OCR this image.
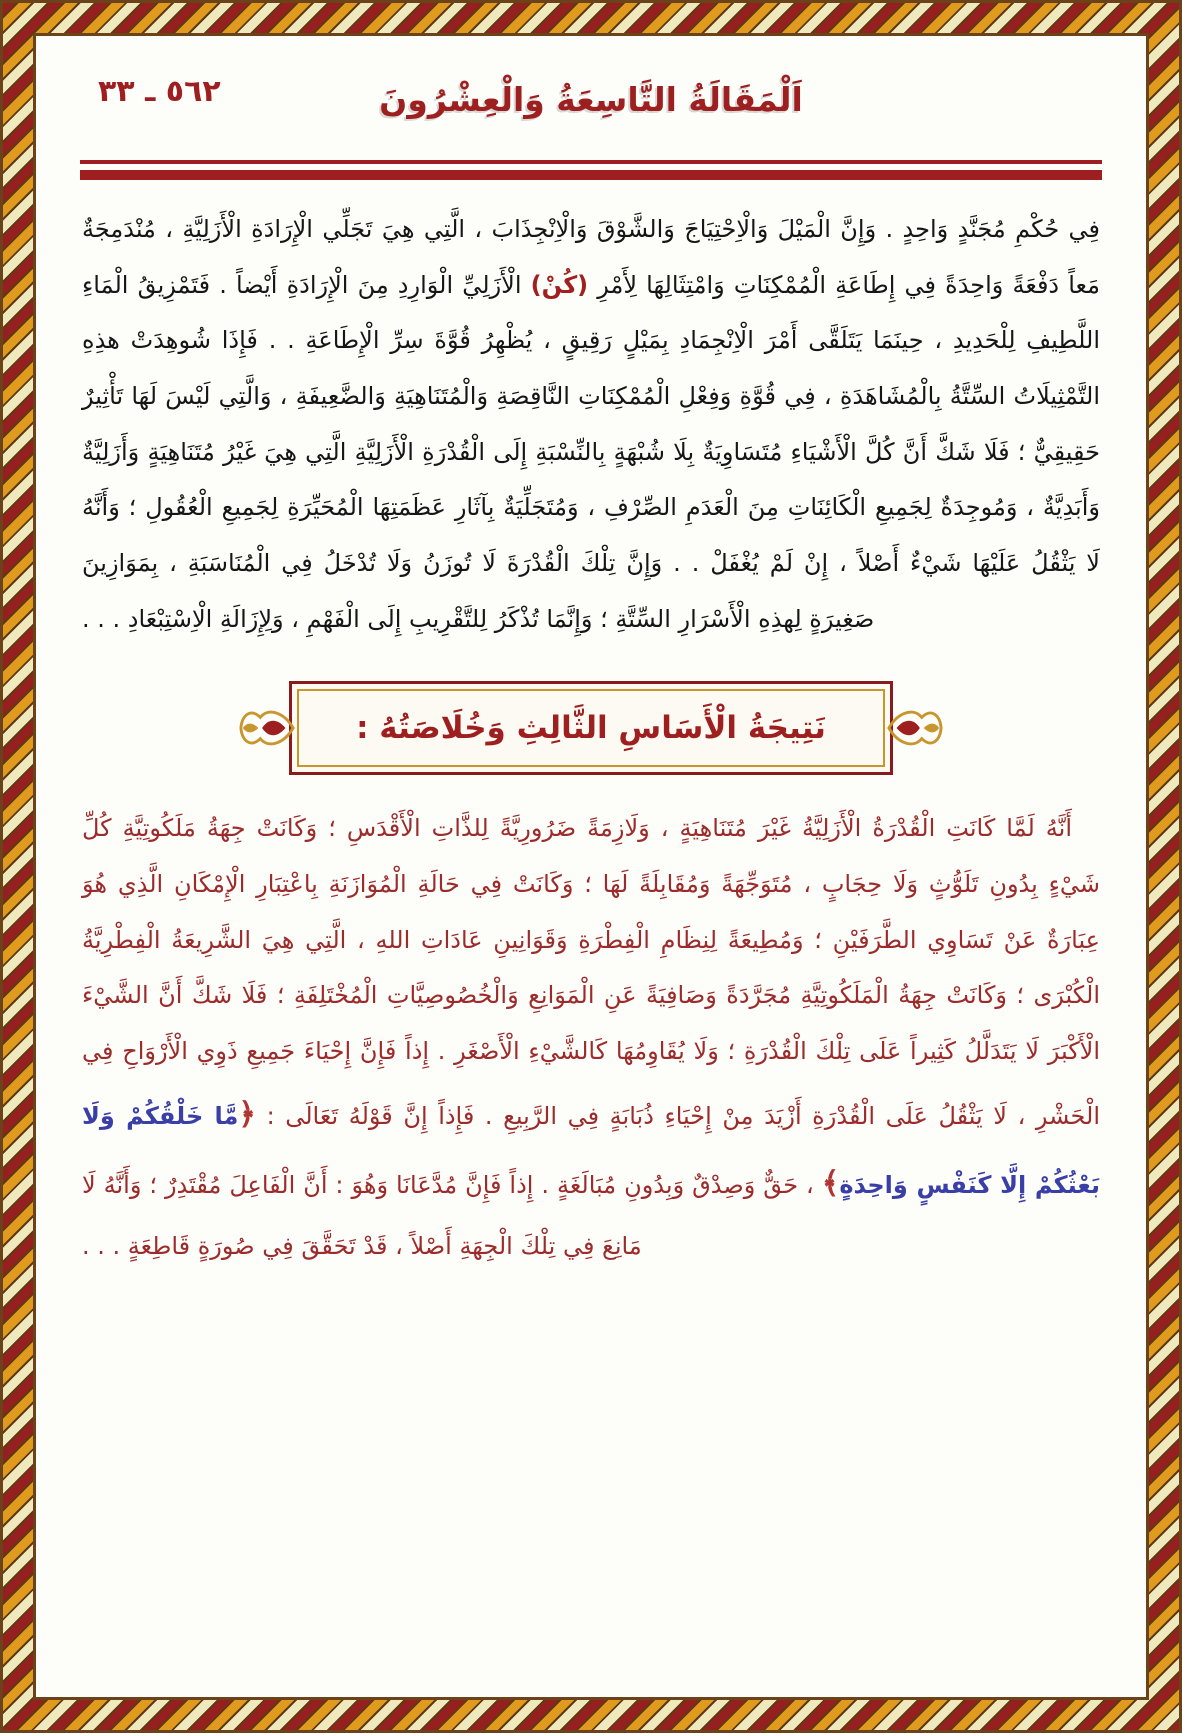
٥٦٢ ـ ٣٣	اَلْمَقَالَةُ التَّاسِعَةُ وَالْعِشْرُونَ

فِي حُكْمِ مُجَنَّدٍ وَاحِدٍ . وَإِنَّ الْمَيْلَ وَالْاِحْتِيَاجَ وَالشَّوْقَ وَالْاِنْجِذَابَ ، الَّتِي هِيَ تَجَلِّي الْإِرَادَةِ الْأَزَلِيَّةِ ، مُنْدَمِجَةٌ مَعاً دَفْعَةً وَاحِدَةً فِي إِطَاعَةِ الْمُمْكِنَاتِ وَامْتِثَالِهَا لِأَمْرِ (كُنْ) الْأَزَلِيِّ الْوَارِدِ مِنَ الْإِرَادَةِ أَيْضاً . فَتَمْزِيقُ الْمَاءِ اللَّطِيفِ لِلْحَدِيدِ ، حِينَمَا يَتَلَقَّى أَمْرَ الْاِنْجِمَادِ بِمَيْلٍ رَقِيقٍ ، يُظْهِرُ قُوَّةَ سِرِّ الْإِطَاعَةِ . . فَإِذَا شُوهِدَتْ هذِهِ التَّمْثِيلَاتُ السِّتَّةُ بِالْمُشَاهَدَةِ ، فِي قُوَّةِ وَفِعْلِ الْمُمْكِنَاتِ النَّاقِصَةِ وَالْمُتَنَاهِيَةِ وَالضَّعِيفَةِ ، وَالَّتِي لَيْسَ لَهَا تَأْثِيرٌ حَقِيقِيٌّ ؛ فَلَا شَكَّ أَنَّ كُلَّ الْأَشْيَاءِ مُتَسَاوِيَةٌ بِلَا شُبْهَةٍ بِالنِّسْبَةِ إِلَى الْقُدْرَةِ الْأَزَلِيَّةِ الَّتِي هِيَ غَيْرُ مُتَنَاهِيَةٍ وَأَزَلِيَّةٌ وَأَبَدِيَّةٌ ، وَمُوجِدَةٌ لِجَمِيعِ الْكَائِنَاتِ مِنَ الْعَدَمِ الصِّرْفِ ، وَمُتَجَلِّيَةٌ بِآثَارِ عَظَمَتِهَا الْمُحَيِّرَةِ لِجَمِيعِ الْعُقُولِ ؛ وَأَنَّهُ لَا يَثْقُلُ عَلَيْهَا شَيْءٌ أَصْلاً ، إِنْ لَمْ يُغْفَلْ . . وَإِنَّ تِلْكَ الْقُدْرَةَ لَا تُوزَنُ وَلَا تُدْخَلُ فِي الْمُنَاسَبَةِ ، بِمَوَازِينَ صَغِيرَةٍ لِهذِهِ الْأَسْرَارِ السِّتَّةِ ؛ وَإِنَّمَا تُذْكَرُ لِلتَّقْرِيبِ إِلَى الْفَهْمِ ، وَلِإِزَالَةِ الْاِسْتِبْعَادِ . . .

نَتِيجَةُ الْأَسَاسِ الثَّالِثِ وَخُلَاصَتُهُ :

أَنَّهُ لَمَّا كَانَتِ الْقُدْرَةُ الْأَزَلِيَّةُ غَيْرَ مُتَنَاهِيَةٍ ، وَلَازِمَةً ضَرُورِيَّةً لِلذَّاتِ الْأَقْدَسِ ؛ وَكَانَتْ جِهَةُ مَلَكُوتِيَّةِ كُلِّ شَيْءٍ بِدُونِ تَلَوُّثٍ وَلَا حِجَابٍ ، مُتَوَجِّهَةً وَمُقَابِلَةً لَهَا ؛ وَكَانَتْ فِي حَالَةِ الْمُوَازَنَةِ بِاعْتِبَارِ الْإِمْكَانِ الَّذِي هُوَ عِبَارَةٌ عَنْ تَسَاوِي الطَّرَفَيْنِ ؛ وَمُطِيعَةً لِنِظَامِ الْفِطْرَةِ وَقَوَانِينِ عَادَاتِ اللهِ ، الَّتِي هِيَ الشَّرِيعَةُ الْفِطْرِيَّةُ الْكُبْرَى ؛ وَكَانَتْ جِهَةُ الْمَلَكُوتِيَّةِ مُجَرَّدَةً وَصَافِيَةً عَنِ الْمَوَانِعِ وَالْخُصُوصِيَّاتِ الْمُخْتَلِفَةِ ؛ فَلَا شَكَّ أَنَّ الشَّيْءَ الْأَكْبَرَ لَا يَتَدَلَّلُ كَثِيراً عَلَى تِلْكَ الْقُدْرَةِ ؛ وَلَا يُقَاوِمُهَا كَالشَّيْءِ الْأَصْغَرِ . إِذاً فَإِنَّ إِحْيَاءَ جَمِيعِ ذَوِي الْأَرْوَاحِ فِي الْحَشْرِ ، لَا يَثْقُلُ عَلَى الْقُدْرَةِ أَزْيَدَ مِنْ إِحْيَاءِ ذُبَابَةٍ فِي الرَّبِيعِ . فَإِذاً إِنَّ قَوْلَهُ تَعَالَى : ﴿مَّا خَلْقُكُمْ وَلَا بَعْثُكُمْ إِلَّا كَنَفْسٍ وَاحِدَةٍ﴾ ، حَقٌّ وَصِدْقٌ وَبِدُونِ مُبَالَغَةٍ . إِذاً فَإِنَّ مُدَّعَانَا وَهُوَ : أَنَّ الْفَاعِلَ مُقْتَدِرٌ ؛ وَأَنَّهُ لَا مَانِعَ فِي تِلْكَ الْجِهَةِ أَصْلاً ، قَدْ تَحَقَّقَ فِي صُورَةٍ قَاطِعَةٍ . . .
